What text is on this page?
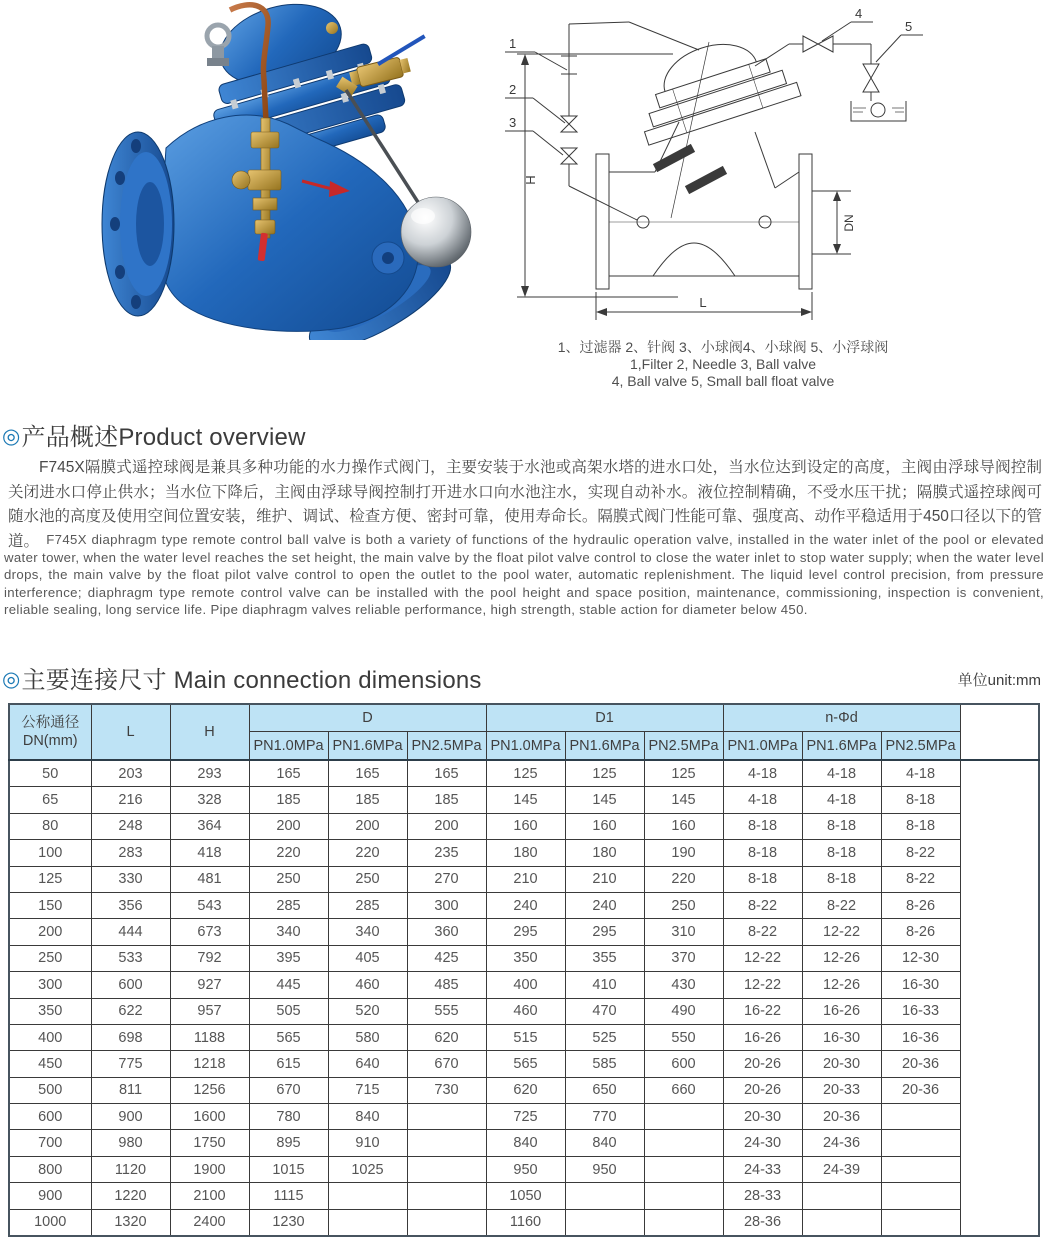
H
1
2
3
4
5
DN
L
1、过滤器 2、针阀 3、小球阀4、小球阀 5、小浮球阀
1,Filter 2, Needle 3, Ball valve
4, Ball valve 5, Small ball float valve
◎产品概述Product overview
F745X隔膜式遥控球阀是兼具多种功能的水力操作式阀门，主要安装于水池或高架水塔的进水口处，当水位达到设定的高度，主阀由浮球导阀控制关闭进水口停止供水；当水位下降后，主阀由浮球导阀控制打开进水口向水池注水，实现自动补水。液位控制精确，不受水压干扰；隔膜式遥控球阀可随水池的高度及使用空间位置安装，维护、调试、检查方便、密封可靠，使用寿命长。隔膜式阀门性能可靠、强度高、动作平稳适用于450口径以下的管道。 F745X diaphragm type remote control ball valve is both a variety of functions of the hydraulic operation valve, installed in the water inlet of the pool or elevated water tower, when the water level reaches the set height, the main valve by the float pilot valve control to close the water inlet to stop water supply; when the water level drops, the main valve by the float pilot valve control to open the outlet to the pool water, automatic replenishment. The liquid level control precision, from pressure interference; diaphragm type remote control valve can be installed with the pool height and space position, maintenance, commissioning, inspection is convenient, reliable sealing, long service life. Pipe diaphragm valves reliable performance, high strength, stable action for diameter below 450.
◎主要连接尺寸 Main connection dimensions	单位unit:mm
公称通径
DN(mm)	L	H	D			D1			n-Φd		
			PN1.0MPa	PN1.6MPa	PN2.5MPa	PN1.0MPa	PN1.6MPa	PN2.5MPa	PN1.0MPa	PN1.6MPa	PN2.5MPa
50	203	293	165	165	165	125	125	125	4-18	4-18	4-18
65	216	328	185	185	185	145	145	145	4-18	4-18	8-18
80	248	364	200	200	200	160	160	160	8-18	8-18	8-18
100	283	418	220	220	235	180	180	190	8-18	8-18	8-22
125	330	481	250	250	270	210	210	220	8-18	8-18	8-22
150	356	543	285	285	300	240	240	250	8-22	8-22	8-26
200	444	673	340	340	360	295	295	310	8-22	12-22	8-26
250	533	792	395	405	425	350	355	370	12-22	12-26	12-30
300	600	927	445	460	485	400	410	430	12-22	12-26	16-30
350	622	957	505	520	555	460	470	490	16-22	16-26	16-33
400	698	1188	565	580	620	515	525	550	16-26	16-30	16-36
450	775	1218	615	640	670	565	585	600	20-26	20-30	20-36
500	811	1256	670	715	730	620	650	660	20-26	20-33	20-36
600	900	1600	780	840		725	770		20-30	20-36	
700	980	1750	895	910		840	840		24-30	24-36	
800	1120	1900	1015	1025		950	950		24-33	24-39	
900	1220	2100	1115			1050			28-33		
1000	1320	2400	1230			1160			28-36		
